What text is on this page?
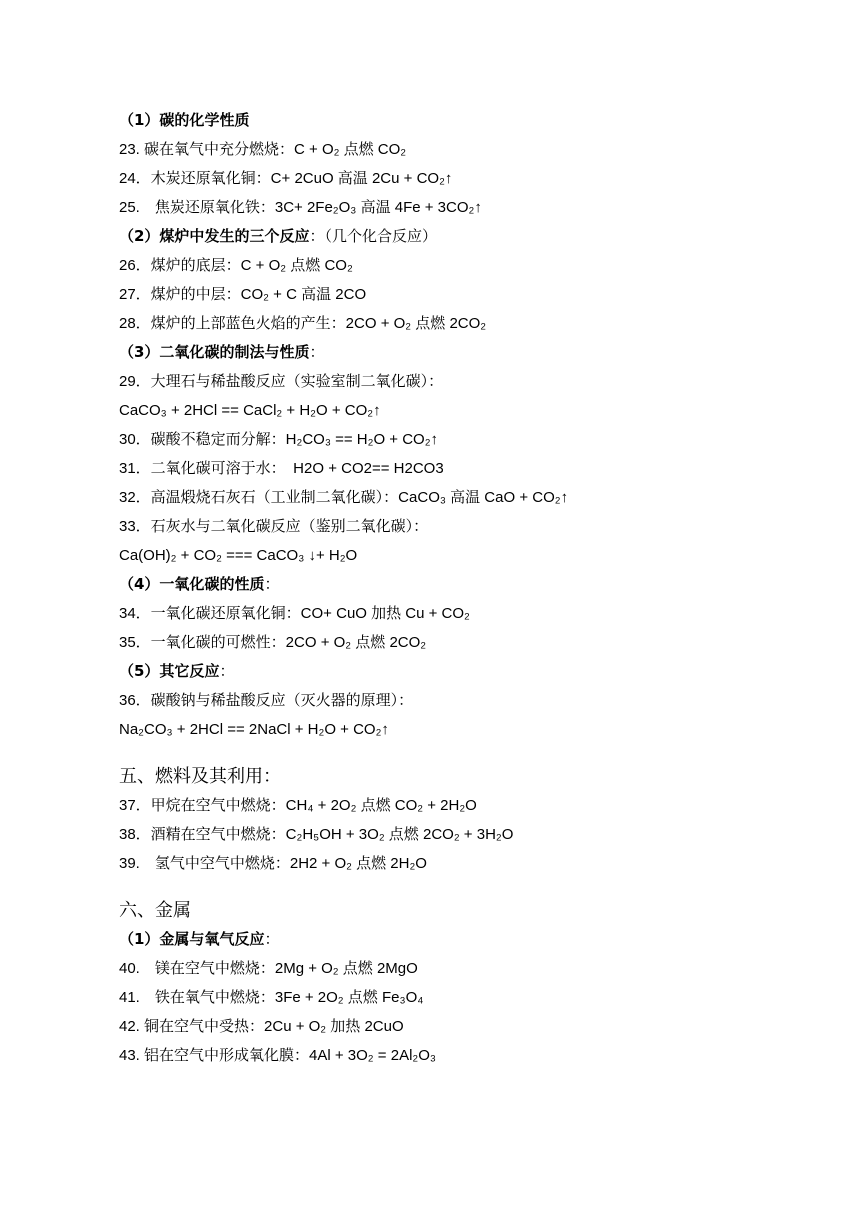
（1）碳的化学性质
23. 碳在氧气中充分燃烧：C + O₂ 点燃 CO₂
24．木炭还原氧化铜：C+ 2CuO 高温 2Cu + CO₂↑
25.　焦炭还原氧化铁：3C+ 2Fe₂O₃ 高温 4Fe + 3CO₂↑
（2）煤炉中发生的三个反应：（几个化合反应）
26．煤炉的底层：C + O₂ 点燃 CO₂
27．煤炉的中层：CO₂ + C 高温 2CO
28．煤炉的上部蓝色火焰的产生：2CO + O₂ 点燃 2CO₂
（3）二氧化碳的制法与性质：
29．大理石与稀盐酸反应（实验室制二氧化碳）：
CaCO₃ + 2HCl == CaCl₂ + H₂O + CO₂↑
30．碳酸不稳定而分解：H₂CO₃ == H₂O + CO₂↑
31．二氧化碳可溶于水：　H2O + CO2== H2CO3
32．高温煅烧石灰石（工业制二氧化碳）：CaCO₃ 高温 CaO + CO₂↑
33．石灰水与二氧化碳反应（鉴别二氧化碳）：
Ca(OH)₂ + CO₂ === CaCO₃ ↓+ H₂O
（4）一氧化碳的性质：
34．一氧化碳还原氧化铜：CO+ CuO 加热 Cu + CO₂
35．一氧化碳的可燃性：2CO + O₂ 点燃 2CO₂
（5）其它反应：
36．碳酸钠与稀盐酸反应（灭火器的原理）：
Na₂CO₃ + 2HCl == 2NaCl + H₂O + CO₂↑
五、燃料及其利用：
37．甲烷在空气中燃烧：CH₄ + 2O₂ 点燃 CO₂ + 2H₂O
38．酒精在空气中燃烧：C₂H₅OH + 3O₂ 点燃 2CO₂ + 3H₂O
39.　氢气中空气中燃烧：2H2 + O₂ 点燃 2H₂O
六、金属
（1）金属与氧气反应：
40.　镁在空气中燃烧：2Mg + O₂ 点燃 2MgO
41.　铁在氧气中燃烧：3Fe + 2O₂ 点燃 Fe₃O₄
42. 铜在空气中受热：2Cu + O₂ 加热 2CuO
43. 铝在空气中形成氧化膜：4Al + 3O₂ = 2Al₂O₃
